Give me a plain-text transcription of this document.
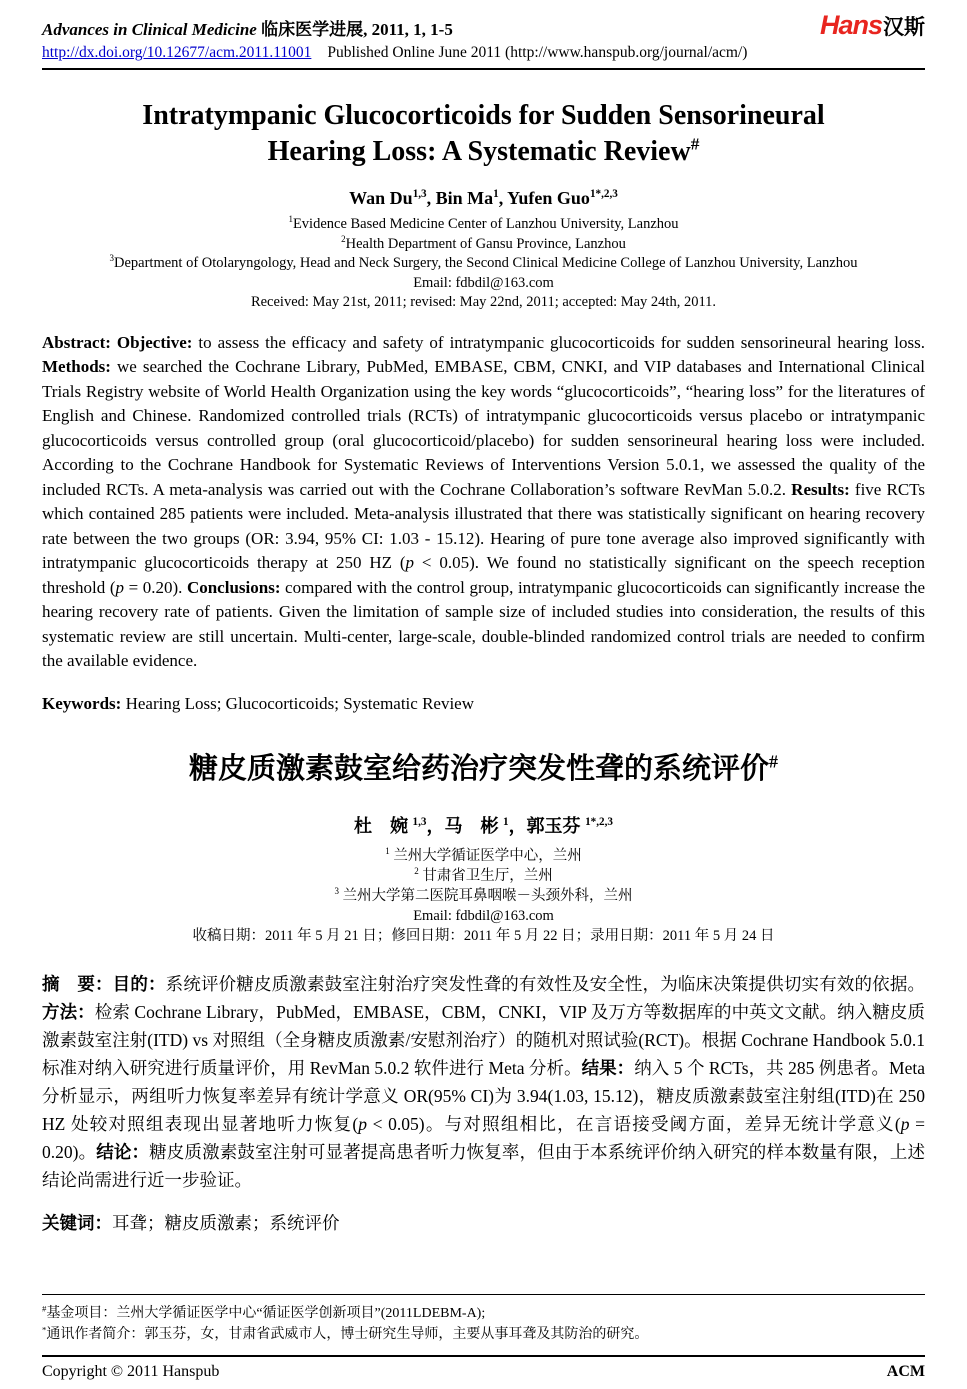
Advances in Clinical Medicine 临床医学进展, 2011, 1, 1-5	Hans汉斯
http://dx.doi.org/10.12677/acm.2011.11001 Published Online June 2011 (http://www.hanspub.org/journal/acm/)
Intratympanic Glucocorticoids for Sudden Sensorineural
Hearing Loss: A Systematic Review#
Wan Du$^{1,3}$, Bin Ma$^1$, Yufen Guo$^{1*,2,3}$
$^1$Evidence Based Medicine Center of Lanzhou University, Lanzhou
$^2$Health Department of Gansu Province, Lanzhou
$^3$Department of Otolaryngology, Head and Neck Surgery, the Second Clinical Medicine College of Lanzhou University, Lanzhou
Email: fdbdil@163.com
Received: May 21st, 2011; revised: May 22nd, 2011; accepted: May 24th, 2011.

Abstract: Objective: to assess the efficacy and safety of intratympanic glucocorticoids for sudden sensorineural hearing loss. Methods: we searched the Cochrane Library, PubMed, EMBASE, CBM, CNKI, and VIP databases and International Clinical Trials Registry website of World Health Organization using the key words “glucocorticoids”, “hearing loss” for the literatures of English and Chinese. Randomized controlled trials (RCTs) of intratympanic glucocorticoids versus placebo or intratympanic glucocorticoids versus controlled group (oral glucocorticoid/placebo) for sudden sensorineural hearing loss were included. According to the Cochrane Handbook for Systematic Reviews of Interventions Version 5.0.1, we assessed the quality of the included RCTs. A meta-analysis was carried out with the Cochrane Collaboration’s software RevMan 5.0.2. Results: five RCTs which contained 285 patients were included. Meta-analysis illustrated that there was statistically significant on hearing recovery rate between the two groups (OR: 3.94, 95% CI: 1.03 - 15.12). Hearing of pure tone average also improved significantly with intratympanic glucocorticoids therapy at 250 HZ (p < 0.05). We found no statistically significant on the speech reception threshold (p = 0.20). Conclusions: compared with the control group, intratympanic glucocorticoids can significantly increase the hearing recovery rate of patients. Given the limitation of sample size of included studies into consideration, the results of this systematic review are still uncertain. Multi-center, large-scale, double-blinded randomized control trials are needed to confirm the available evidence.

Keywords: Hearing Loss; Glucocorticoids; Systematic Review

糖皮质激素鼓室给药治疗突发性聋的系统评价#
杜　婉 $^{1,3}$，马　彬 $^1$，郭玉芬 $^{1*,2,3}$
$^1$ 兰州大学循证医学中心，兰州
$^2$ 甘肃省卫生厅，兰州
$^3$ 兰州大学第二医院耳鼻咽喉－头颈外科，兰州
Email: fdbdil@163.com
收稿日期：2011 年 5 月 21 日；修回日期：2011 年 5 月 22 日；录用日期：2011 年 5 月 24 日

摘　要：目的：系统评价糖皮质激素鼓室注射治疗突发性聋的有效性及安全性，为临床决策提供切实有效的依据。方法：检索 Cochrane Library，PubMed，EMBASE，CBM，CNKI，VIP 及万方等数据库的中英文文献。纳入糖皮质激素鼓室注射(ITD) vs 对照组（全身糖皮质激素/安慰剂治疗）的随机对照试验(RCT)。根据 Cochrane Handbook 5.0.1 标准对纳入研究进行质量评价，用 RevMan 5.0.2 软件进行 Meta 分析。结果：纳入 5 个 RCTs，共 285 例患者。Meta 分析显示，两组听力恢复率差异有统计学意义 OR(95% CI)为 3.94(1.03, 15.12)，糖皮质激素鼓室注射组(ITD)在 250 HZ 处较对照组表现出显著地听力恢复(p < 0.05)。与对照组相比，在言语接受阈方面，差异无统计学意义(p = 0.20)。结论：糖皮质激素鼓室注射可显著提高患者听力恢复率，但由于本系统评价纳入研究的样本数量有限，上述结论尚需进行近一步验证。

关键词：耳聋；糖皮质激素；系统评价

#基金项目：兰州大学循证医学中心“循证医学创新项目”(2011LDEBM-A);
*通讯作者简介：郭玉芬，女，甘肃省武威市人，博士研究生导师，主要从事耳聋及其防治的研究。
Copyright © 2011 Hanspub	ACM
